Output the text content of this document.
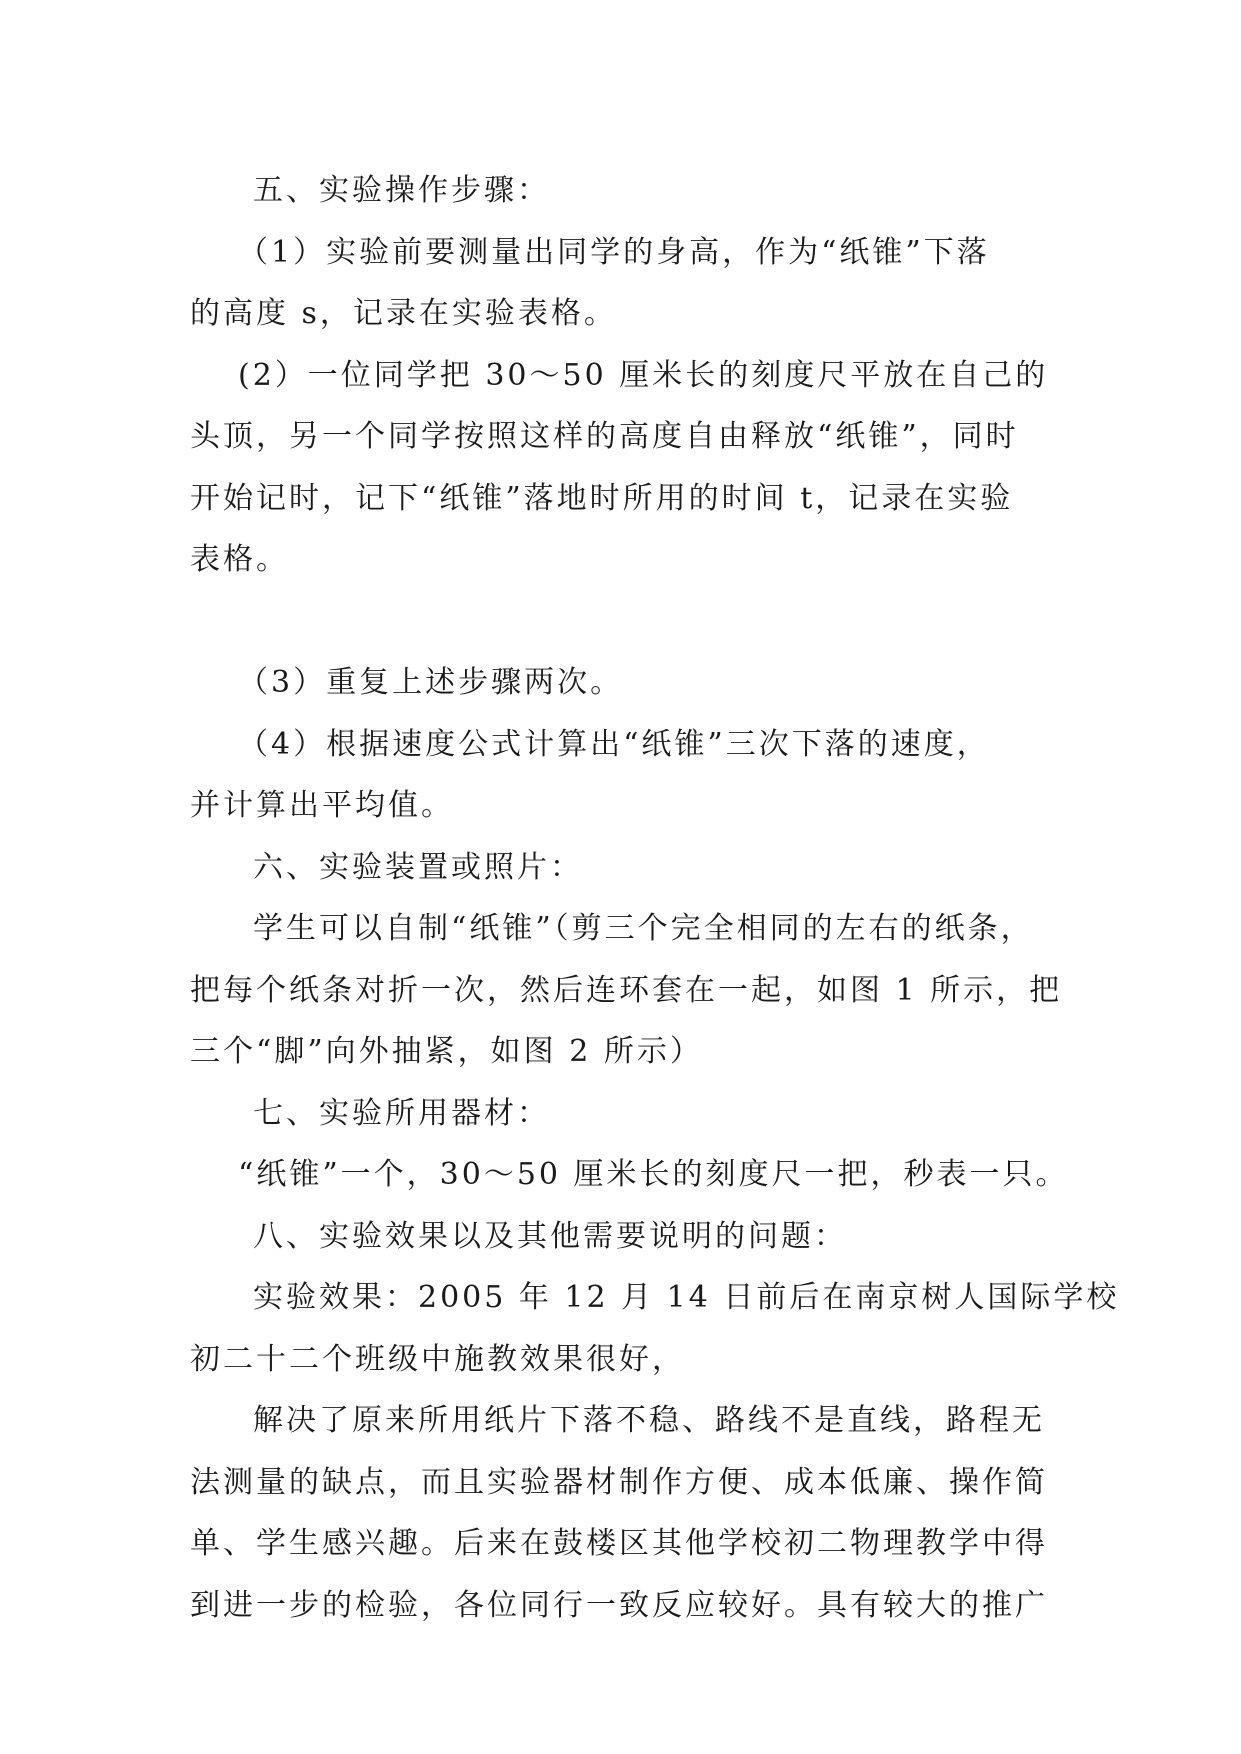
五、实验操作步骤：
（1）实验前要测量出同学的身高，作为“纸锥”下落
的高度 s，记录在实验表格。
(2）一位同学把 30～50 厘米长的刻度尺平放在自己的
头顶，另一个同学按照这样的高度自由释放“纸锥”，同时
开始记时，记下“纸锥”落地时所用的时间 t，记录在实验
表格。
（3）重复上述步骤两次。
（4）根据速度公式计算出“纸锥”三次下落的速度，
并计算出平均值。
六、实验装置或照片：
学生可以自制“纸锥”（剪三个完全相同的左右的纸条，
把每个纸条对折一次，然后连环套在一起，如图 1 所示，把
三个“脚”向外抽紧，如图 2 所示）
七、实验所用器材：
“纸锥”一个，30～50 厘米长的刻度尺一把，秒表一只。
八、实验效果以及其他需要说明的问题：
实验效果：2005 年 12 月 14 日前后在南京树人国际学校
初二十二个班级中施教效果很好，
解决了原来所用纸片下落不稳、路线不是直线，路程无
法测量的缺点，而且实验器材制作方便、成本低廉、操作简
单、学生感兴趣。后来在鼓楼区其他学校初二物理教学中得
到进一步的检验，各位同行一致反应较好。具有较大的推广
